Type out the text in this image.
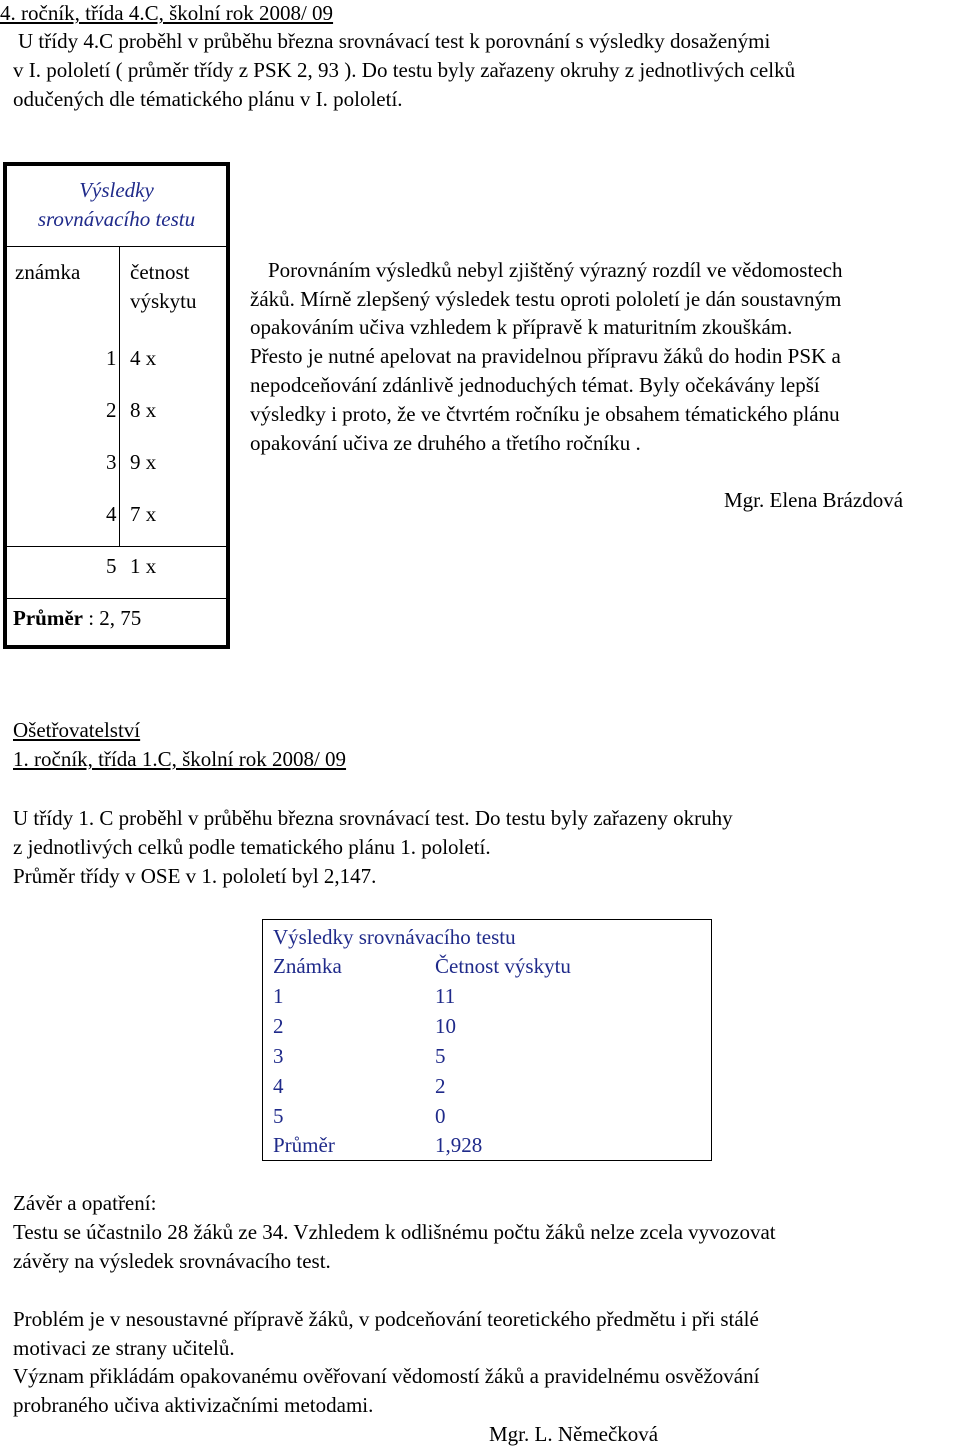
4. ročník, třída 4.C, školní rok 2008/ 09
U třídy 4.C proběhl v průběhu března srovnávací test k porovnání s výsledky dosaženými
v I. pololetí ( průměr třídy z PSK 2, 93 ). Do testu byly zařazeny okruhy z jednotlivých celků
odučených dle tématického plánu v I. pololetí.
Výsledky
srovnávacího testu
známka četnost
výskytu
1 4 x
2 8 x
3 9 x
4 7 x
5 1 x
Průměr : 2, 75
Porovnáním výsledků nebyl zjištěný výrazný rozdíl ve vědomostech
žáků. Mírně zlepšený výsledek testu oproti pololetí je dán soustavným
opakováním učiva vzhledem k přípravě k maturitním zkouškám.
Přesto je nutné apelovat na pravidelnou přípravu žáků do hodin PSK a
nepodceňování zdánlivě jednoduchých témat. Byly očekávány lepší
výsledky i proto, že ve čtvrtém ročníku je obsahem tématického plánu
opakování učiva ze druhého a třetího ročníku .
Mgr. Elena Brázdová
Ošetřovatelství
1. ročník, třída 1.C, školní rok 2008/ 09
U třídy 1. C proběhl v průběhu března srovnávací test. Do testu byly zařazeny okruhy
z jednotlivých celků podle tematického plánu 1. pololetí.
Průměr třídy v OSE v 1. pololetí byl 2,147.
Výsledky srovnávacího testu
Známka	Četnost výskytu
1	11
2	10
3	5
4	2
5	0
Průměr	1,928
Závěr a opatření:
Testu se účastnilo 28 žáků ze 34. Vzhledem k odlišnému počtu žáků nelze zcela vyvozovat
závěry na výsledek srovnávacího test.
Problém je v nesoustavné přípravě žáků, v podceňování teoretického předmětu i při stálé
motivaci ze strany učitelů.
Význam přikládám opakovanému ověřovaní vědomostí žáků a pravidelnému osvěžování
probraného učiva aktivizačními metodami.
Mgr. L. Němečková
